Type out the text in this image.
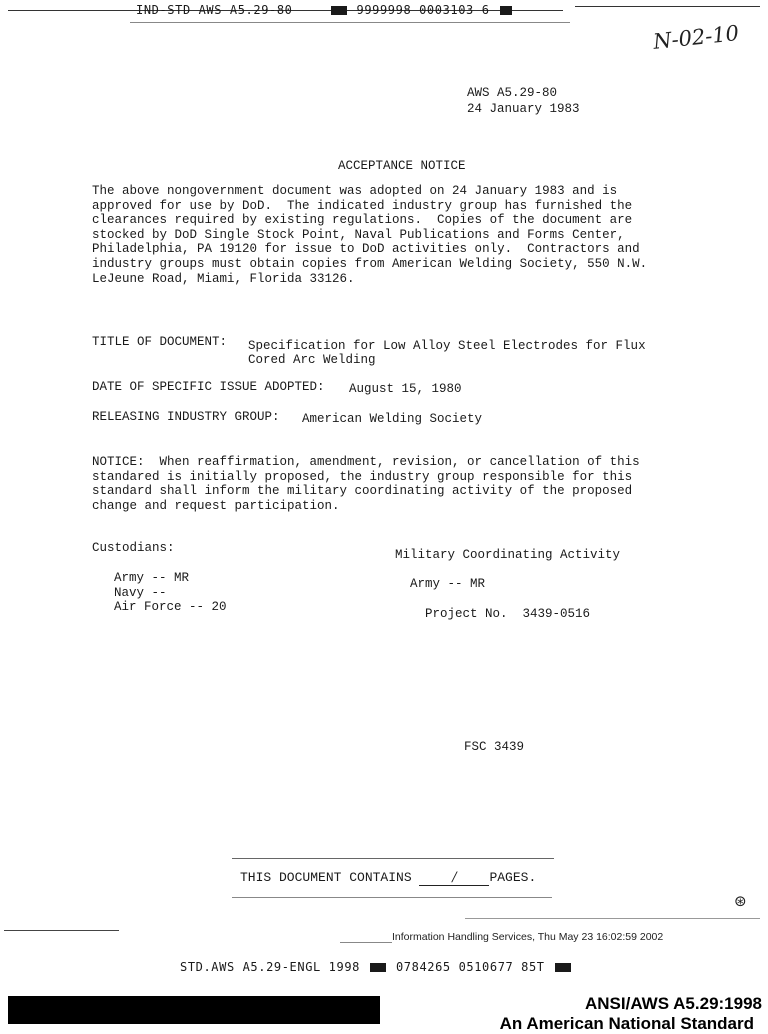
IND-STD AWS A5.29-80	9999998 0003103 6
N-02-10
AWS A5.29-80
24 January 1983
ACCEPTANCE NOTICE
The above nongovernment document was adopted on 24 January 1983 and is
approved for use by DoD.  The indicated industry group has furnished the
clearances required by existing regulations.  Copies of the document are
stocked by DoD Single Stock Point, Naval Publications and Forms Center,
Philadelphia, PA 19120 for issue to DoD activities only.  Contractors and
industry groups must obtain copies from American Welding Society, 550 N.W.
LeJeune Road, Miami, Florida 33126.
TITLE OF DOCUMENT: Specification for Low Alloy Steel Electrodes for Flux
Cored Arc Welding
DATE OF SPECIFIC ISSUE ADOPTED: August 15, 1980
RELEASING INDUSTRY GROUP: American Welding Society
NOTICE:  When reaffirmation, amendment, revision, or cancellation of this
standared is initially proposed, the industry group responsible for this
standard shall inform the military coordinating activity of the proposed
change and request participation.
Custodians:
Army -- MR
Navy --
Air Force -- 20
Military Coordinating Activity
Army -- MR
Project No. 3439-0516
FSC 3439
THIS DOCUMENT CONTAINS	/	PAGES.
⊛
Information Handling Services, Thu May 23 16:02:59 2002
STD.AWS A5.29-ENGL 1998	0784265 0510677 85T
ANSI/AWS A5.29:1998
An American National Standard
